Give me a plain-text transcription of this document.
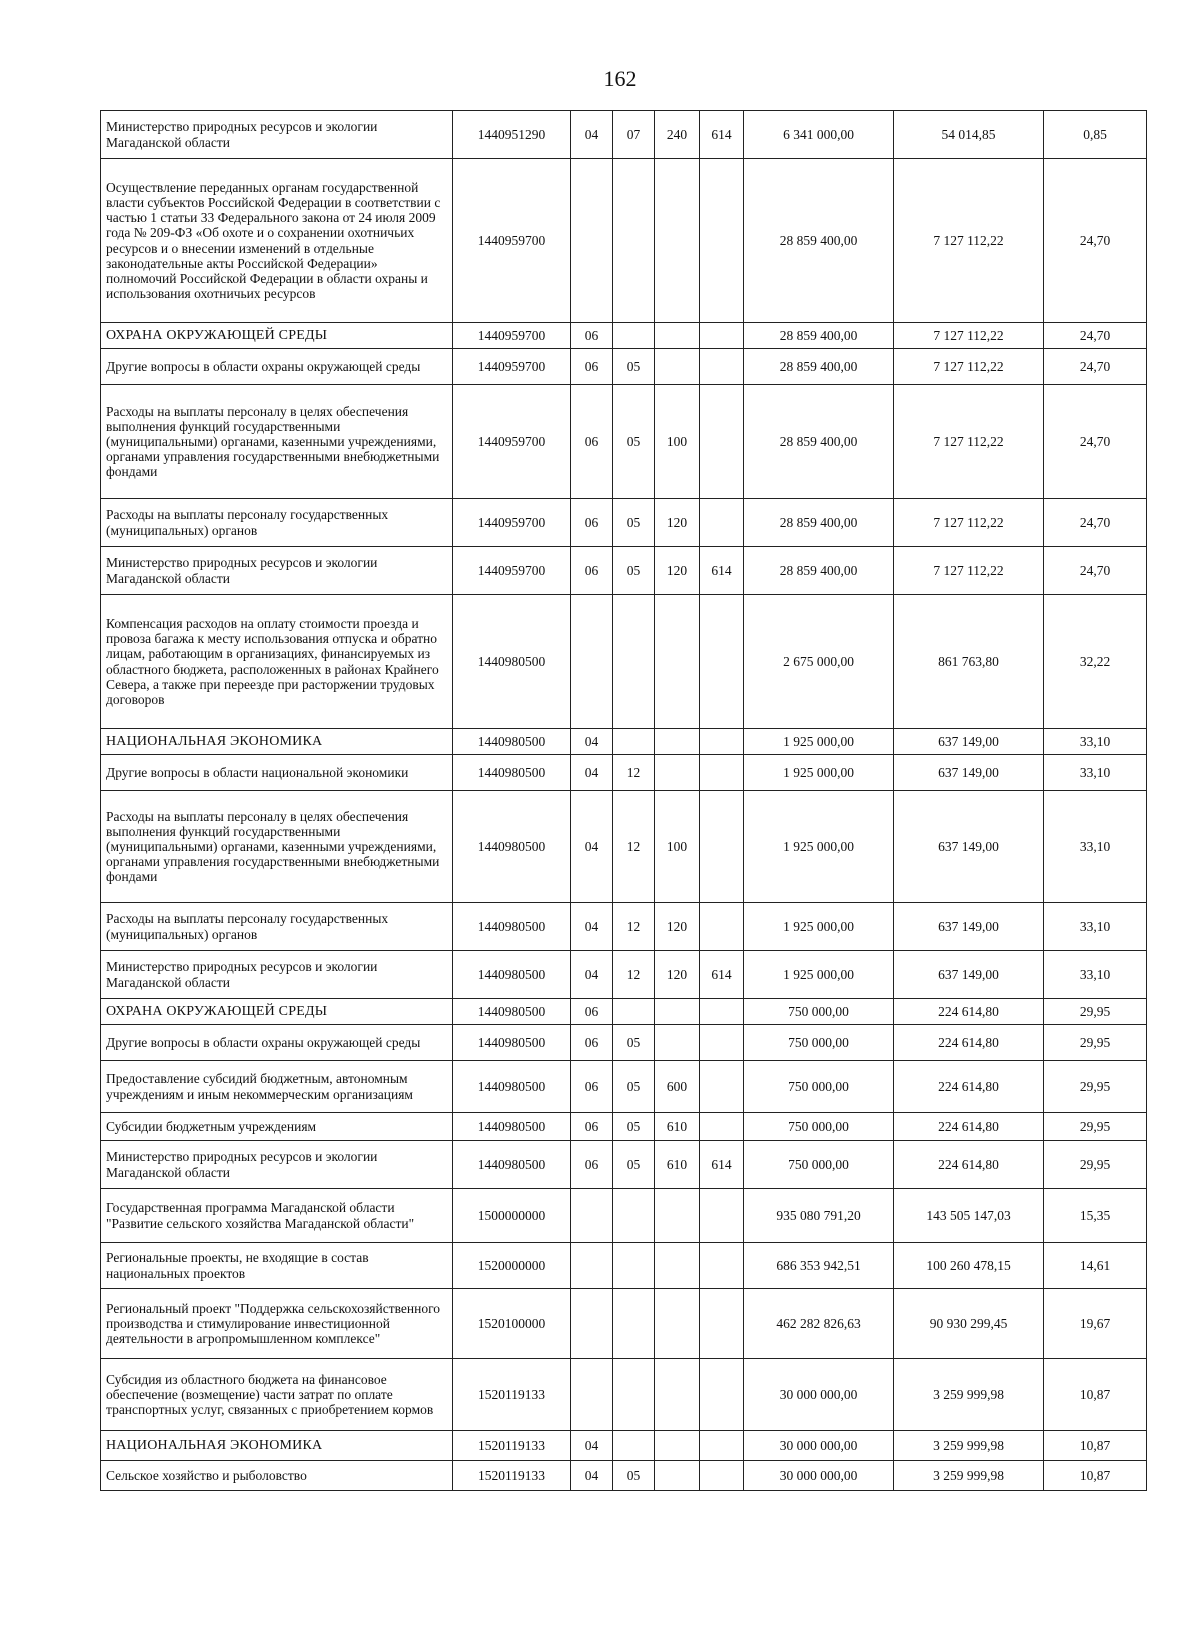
162
Министерство природных ресурсов и экологии Магаданской области	1440951290	04	07	240	614	6 341 000,00	54 014,85	0,85
Осуществление переданных органам государственной власти субъектов Российской Федерации в соответствии с частью 1 статьи 33 Федерального закона от 24 июля 2009 года № 209-ФЗ «Об охоте и о сохранении охотничьих ресурсов и о внесении изменений в отдельные законодательные акты Российской Федерации» полномочий Российской Федерации в области охраны и использования охотничьих ресурсов	1440959700					28 859 400,00	7 127 112,22	24,70
ОХРАНА ОКРУЖАЮЩЕЙ СРЕДЫ	1440959700	06				28 859 400,00	7 127 112,22	24,70
Другие вопросы в области охраны окружающей среды	1440959700	06	05			28 859 400,00	7 127 112,22	24,70
Расходы на выплаты персоналу в целях обеспечения выполнения функций государственными (муниципальными) органами, казенными учреждениями, органами управления государственными внебюджетными фондами	1440959700	06	05	100		28 859 400,00	7 127 112,22	24,70
Расходы на выплаты персоналу государственных (муниципальных) органов	1440959700	06	05	120		28 859 400,00	7 127 112,22	24,70
Министерство природных ресурсов и экологии Магаданской области	1440959700	06	05	120	614	28 859 400,00	7 127 112,22	24,70
Компенсация расходов на оплату стоимости проезда и провоза багажа к месту использования отпуска и обратно лицам, работающим в организациях, финансируемых из областного бюджета, расположенных в районах Крайнего Севера, а также при переезде при расторжении трудовых договоров	1440980500					2 675 000,00	861 763,80	32,22
НАЦИОНАЛЬНАЯ ЭКОНОМИКА	1440980500	04				1 925 000,00	637 149,00	33,10
Другие вопросы в области национальной экономики	1440980500	04	12			1 925 000,00	637 149,00	33,10
Расходы на выплаты персоналу в целях обеспечения выполнения функций государственными (муниципальными) органами, казенными учреждениями, органами управления государственными внебюджетными фондами	1440980500	04	12	100		1 925 000,00	637 149,00	33,10
Расходы на выплаты персоналу государственных (муниципальных) органов	1440980500	04	12	120		1 925 000,00	637 149,00	33,10
Министерство природных ресурсов и экологии Магаданской области	1440980500	04	12	120	614	1 925 000,00	637 149,00	33,10
ОХРАНА ОКРУЖАЮЩЕЙ СРЕДЫ	1440980500	06				750 000,00	224 614,80	29,95
Другие вопросы в области охраны окружающей среды	1440980500	06	05			750 000,00	224 614,80	29,95
Предоставление субсидий бюджетным, автономным учреждениям и иным некоммерческим организациям	1440980500	06	05	600		750 000,00	224 614,80	29,95
Субсидии бюджетным учреждениям	1440980500	06	05	610		750 000,00	224 614,80	29,95
Министерство природных ресурсов и экологии Магаданской области	1440980500	06	05	610	614	750 000,00	224 614,80	29,95
Государственная программа Магаданской области "Развитие сельского хозяйства Магаданской области"	1500000000					935 080 791,20	143 505 147,03	15,35
Региональные проекты, не входящие в состав национальных проектов	1520000000					686 353 942,51	100 260 478,15	14,61
Региональный проект "Поддержка сельскохозяйственного производства и стимулирование инвестиционной деятельности в агропромышленном комплексе"	1520100000					462 282 826,63	90 930 299,45	19,67
Субсидия из областного бюджета на финансовое обеспечение (возмещение) части затрат по оплате транспортных услуг, связанных с приобретением кормов	1520119133					30 000 000,00	3 259 999,98	10,87
НАЦИОНАЛЬНАЯ ЭКОНОМИКА	1520119133	04				30 000 000,00	3 259 999,98	10,87
Сельское хозяйство и рыболовство	1520119133	04	05			30 000 000,00	3 259 999,98	10,87
